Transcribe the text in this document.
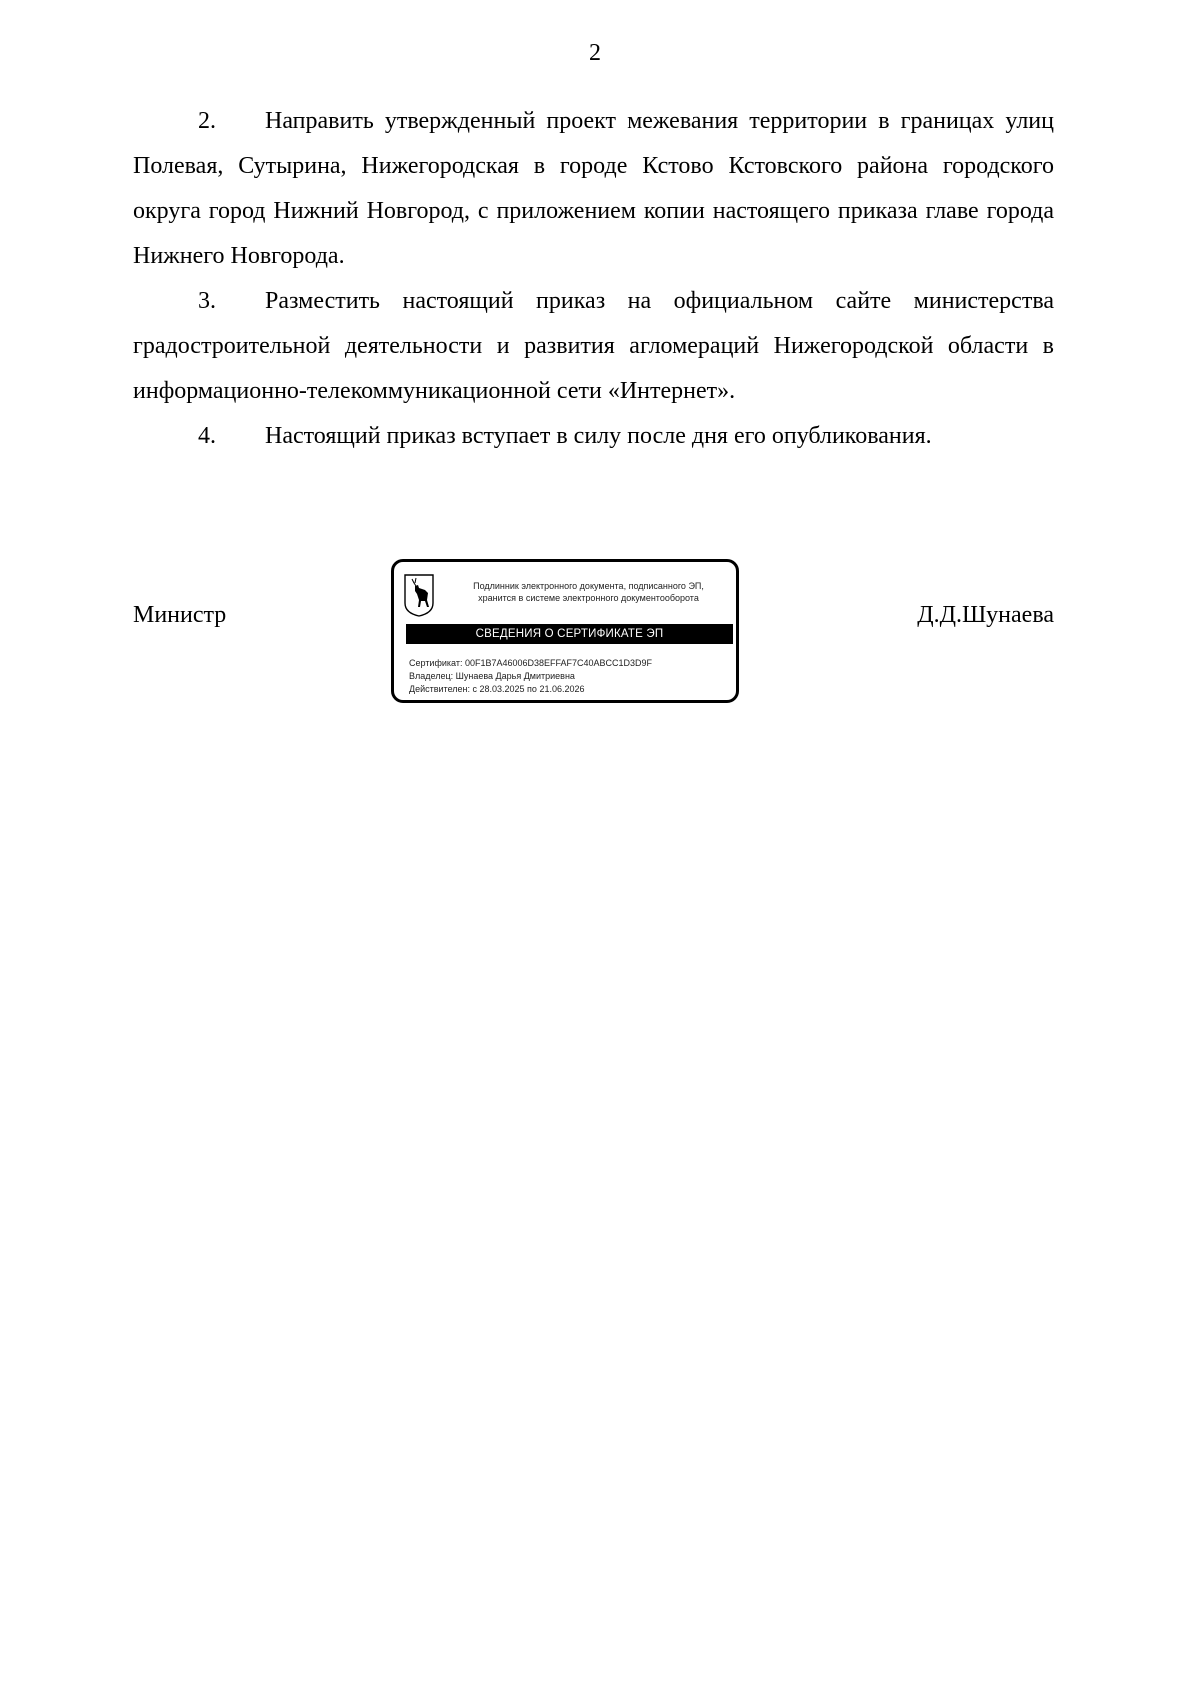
2

2. Направить утвержденный проект межевания территории в границах улиц Полевая, Сутырина, Нижегородская в городе Кстово Кстовского района городского округа город Нижний Новгород, с приложением копии настоящего приказа главе города Нижнего Новгорода.

3. Разместить настоящий приказ на официальном сайте министерства градостроительной деятельности и развития агломераций Нижегородской области в информационно-телекоммуникационной сети «Интернет».

4. Настоящий приказ вступает в силу после дня его опубликования.

Министр	Д.Д.Шунаева
Подлинник электронного документа, подписанного ЭП,
хранится в системе электронного документооборота
СВЕДЕНИЯ О СЕРТИФИКАТЕ ЭП
Сертификат: 00F1B7A46006D38EFFAF7C40ABCC1D3D9F
Владелец: Шунаева Дарья Дмитриевна
Действителен: с 28.03.2025 по 21.06.2026
